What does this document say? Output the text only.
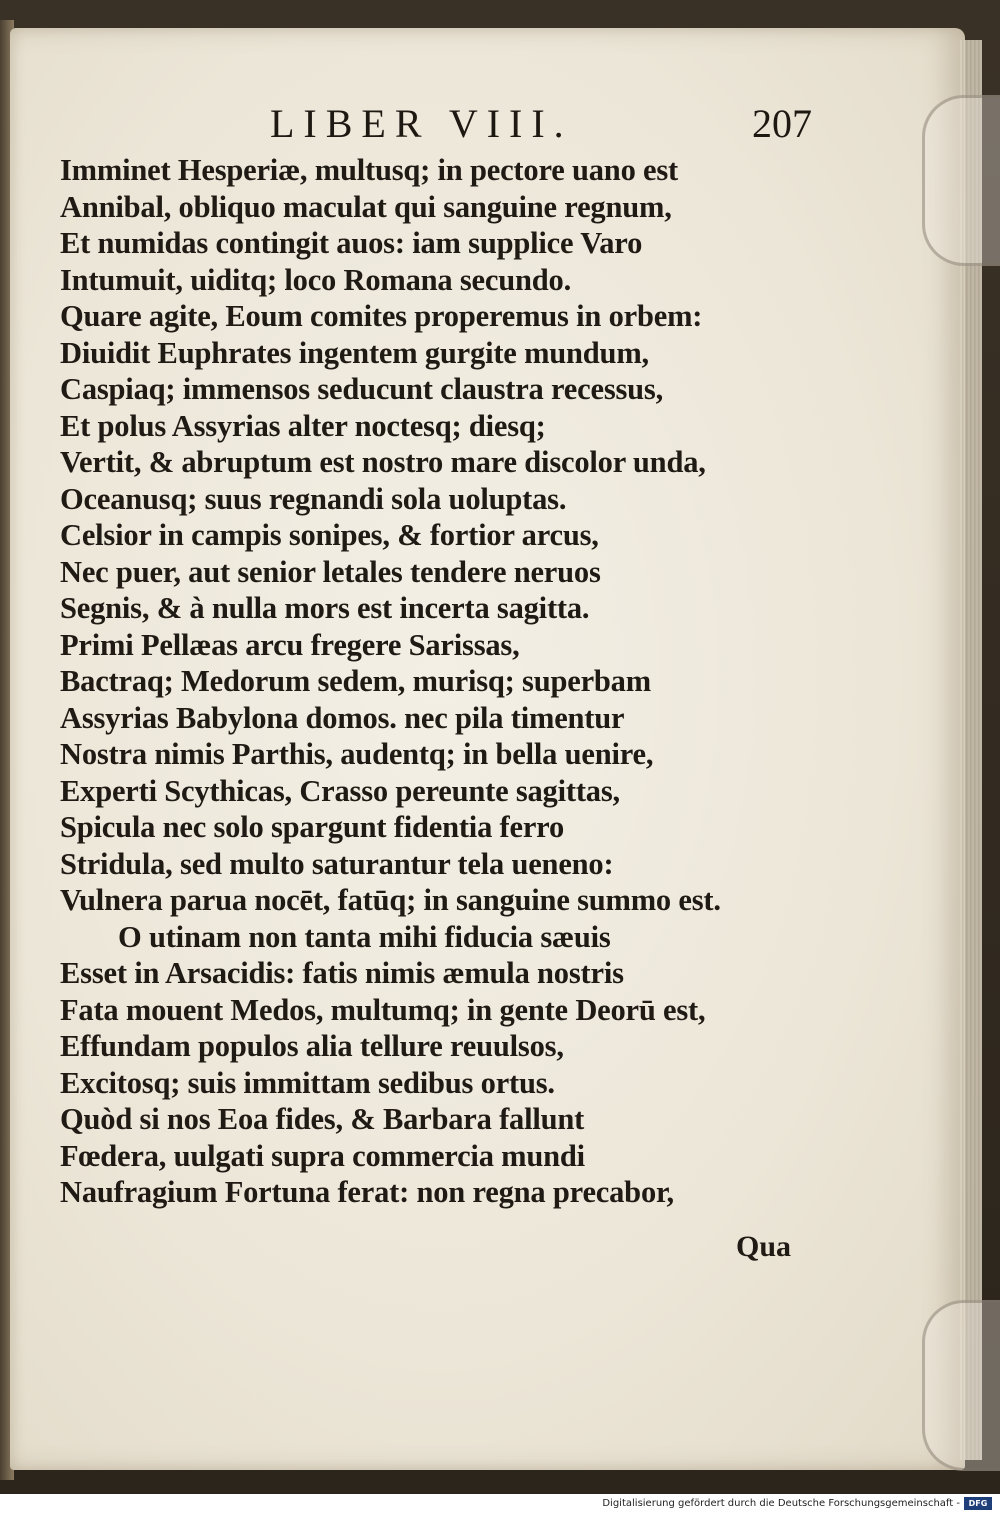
LIBER VIII.	207
Imminet Hesperiæ, multusq; in pectore uano est
Annibal, obliquo maculat qui sanguine regnum,
Et numidas contingit auos: iam supplice Varo
Intumuit, uiditq; loco Romana secundo.
Quare agite, Eoum comites properemus in orbem:
Diuidit Euphrates ingentem gurgite mundum,
Caspiaq; immensos seducunt claustra recessus,
Et polus Assyrias alter noctesq; diesq;
Vertit, & abruptum est nostro mare discolor unda,
Oceanusq; suus regnandi sola uoluptas.
Celsior in campis sonipes, & fortior arcus,
Nec puer, aut senior letales tendere neruos
Segnis, & à nulla mors est incerta sagitta.
Primi Pellæas arcu fregere Sarissas,
Bactraq; Medorum sedem, murisq; superbam
Assyrias Babylona domos. nec pila timentur
Nostra nimis Parthis, audentq; in bella uenire,
Experti Scythicas, Crasso pereunte sagittas,
Spicula nec solo spargunt fidentia ferro
Stridula, sed multo saturantur tela ueneno:
Vulnera parua nocēt, fatūq; in sanguine summo est.
O utinam non tanta mihi fiducia sæuis
Esset in Arsacidis: fatis nimis æmula nostris
Fata mouent Medos, multumq; in gente Deorū est,
Effundam populos alia tellure reuulsos,
Excitosq; suis immittam sedibus ortus.
Quòd si nos Eoa fides, & Barbara fallunt
Fœdera, uulgati supra commercia mundi
Naufragium Fortuna ferat: non regna precabor,
Qua
Digitalisierung gefördert durch die Deutsche Forschungsgemeinschaft -	DFG
